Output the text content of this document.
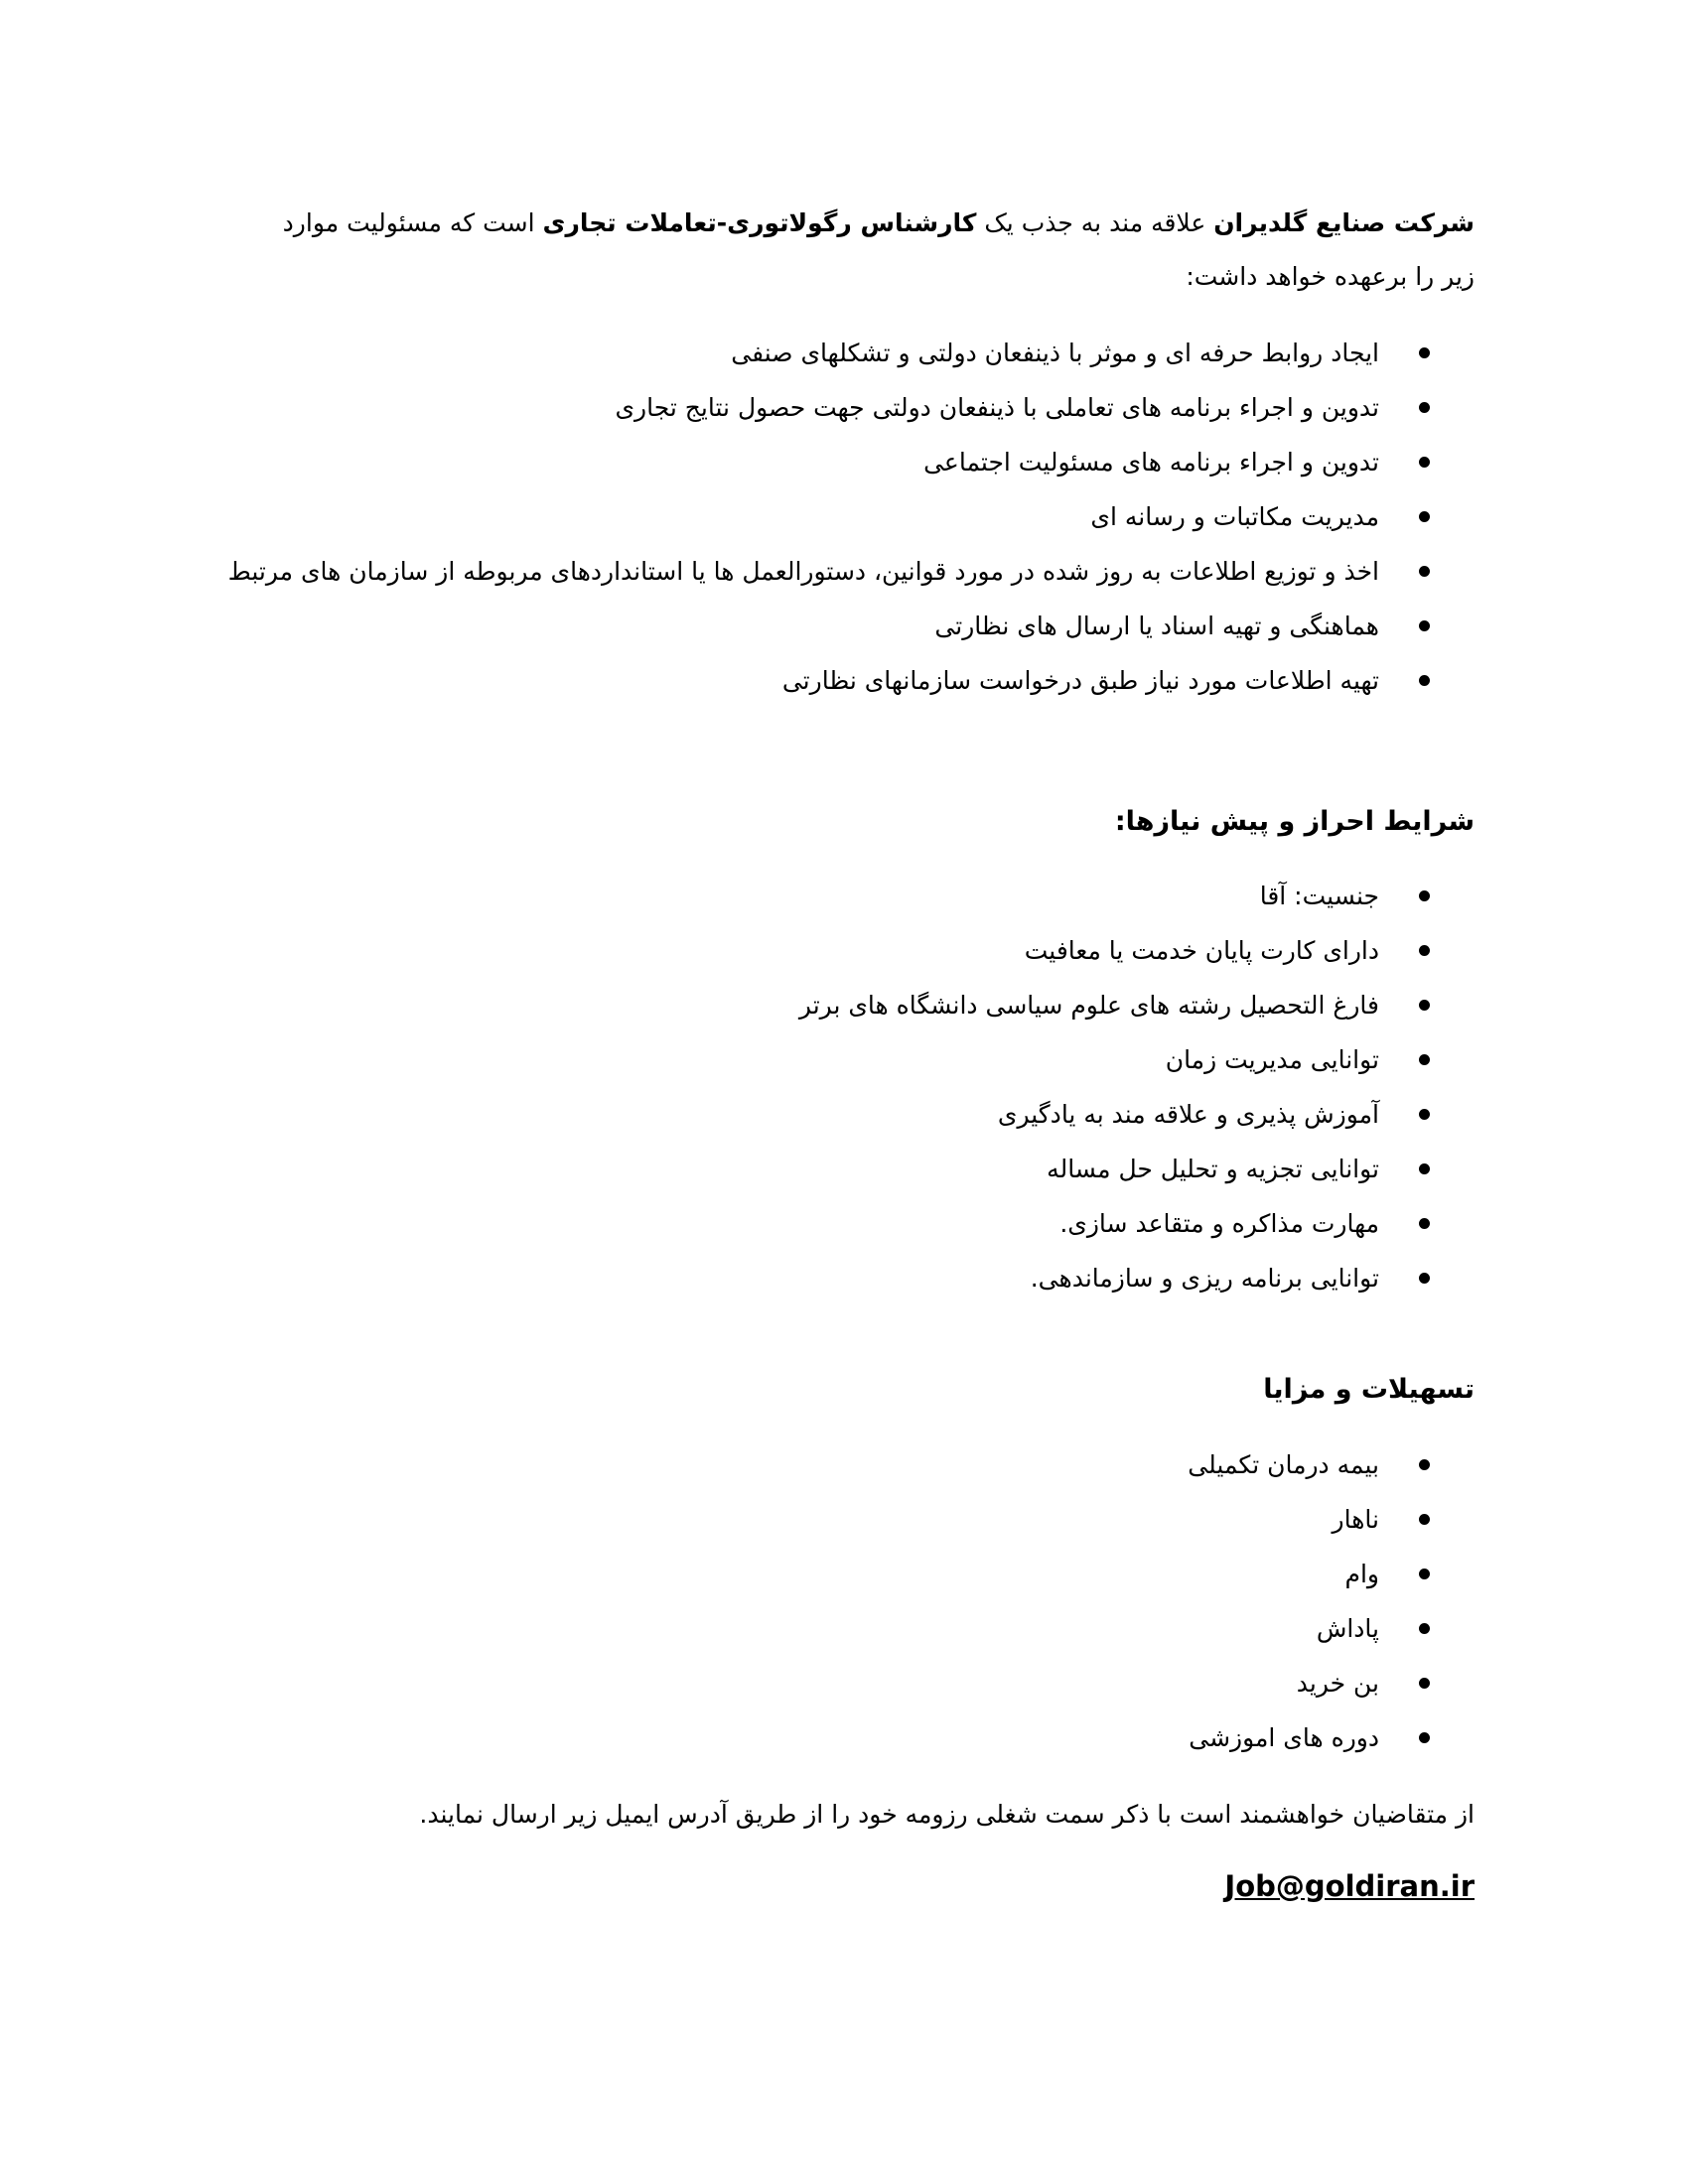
شرکت صنایع گلدیران علاقه مند به جذب یک کارشناس رگولاتوری-تعاملات تجاری است که مسئولیت موارد زیر را برعهده خواهد داشت:

ایجاد روابط حرفه ای و موثر با ذینفعان دولتی و تشکلهای صنفی
تدوین و اجراء برنامه های تعاملی با ذینفعان دولتی جهت حصول نتایج تجاری
تدوین و اجراء برنامه های مسئولیت اجتماعی
مدیریت مکاتبات و رسانه ای
اخذ و توزیع اطلاعات به روز شده در مورد قوانین، دستورالعمل ها یا استانداردهای مربوطه از سازمان های مرتبط
هماهنگی و تهیه اسناد یا ارسال های نظارتی
تهیه اطلاعات مورد نیاز طبق درخواست سازمانهای نظارتی
شرایط احراز و پیش نیازها:
جنسیت: آقا
دارای کارت پایان خدمت یا معافیت
فارغ التحصیل رشته های علوم سیاسی دانشگاه های برتر
توانایی مدیریت زمان
آموزش پذیری و علاقه مند به یادگیری
توانایی تجزیه و تحلیل حل مساله
مهارت مذاکره و متقاعد سازی.
توانایی برنامه ریزی و سازماندهی.
تسهیلات و مزایا
بیمه درمان تکمیلی
ناهار
وام
پاداش
بن خرید
دوره های اموزشی

از متقاضیان خواهشمند است با ذکر سمت شغلی رزومه خود را از طریق آدرس ایمیل زیر ارسال نمایند.

Job@goldiran.ir
